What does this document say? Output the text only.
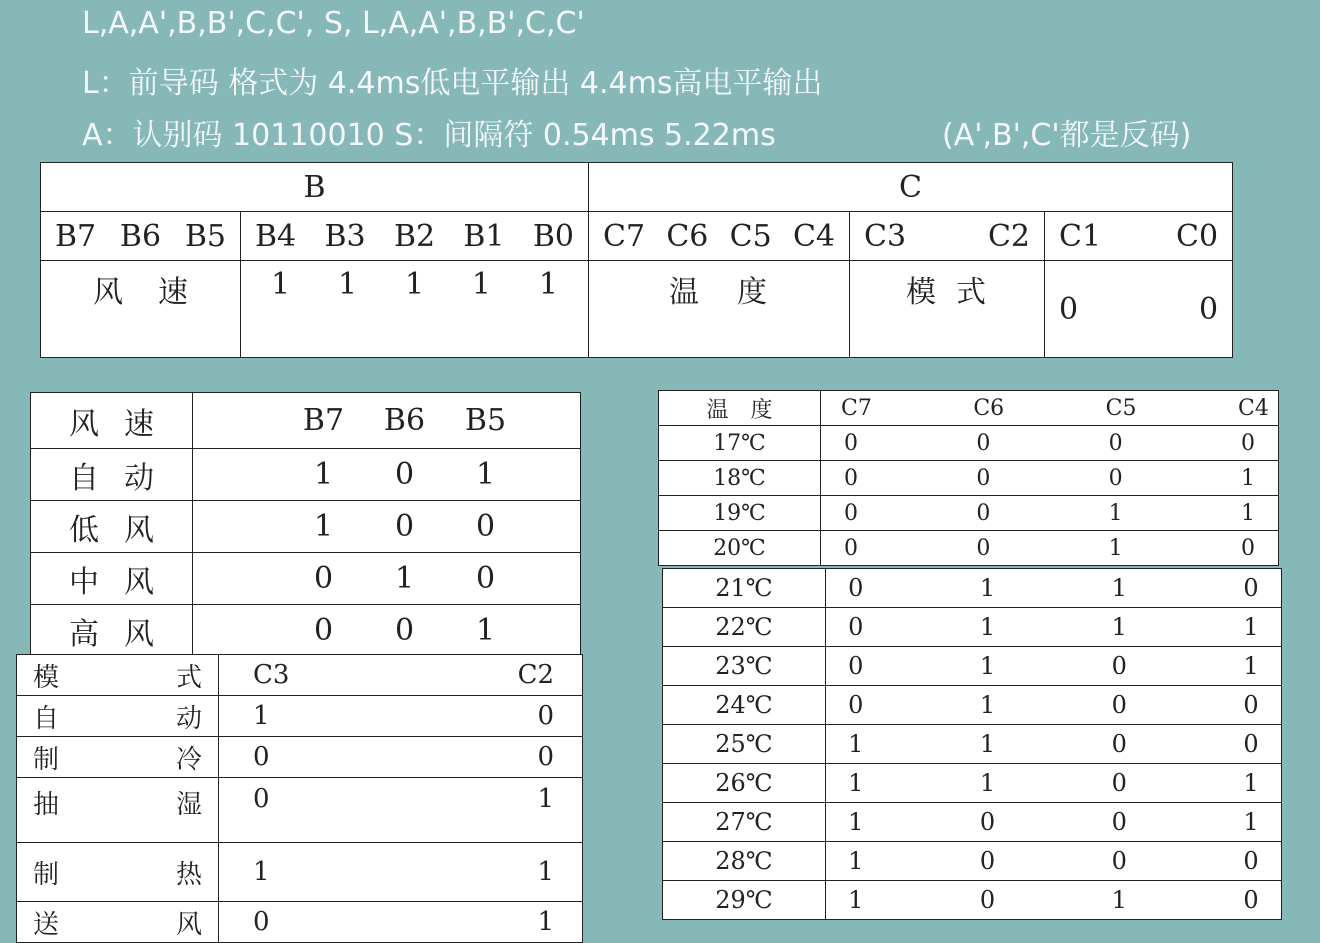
L,A,A',B,B',C,C', S, L,A,A',B,B',C,C'
L：前导码 格式为 4.4ms低电平输出 4.4ms高电平输出
A：认别码 10110010 S：间隔符 0.54ms 5.22ms	(A',B',C'都是反码)
B		C		

B7 B6 B5	B4 B3 B2 B1 B0	C7 C6 C5 C4	C3 C2	C1 C0

风 速	1 1 1 1 1	温 度	模 式	0 0
风 速	B7 B6 B5

自 动	1 0 1

低 风	1 0 0

中 风	0 1 0

高 风	0 0 1
模 式	C3 C2

自 动	1 0

制 冷	0 0

抽 湿	0 1

制 热	1 1

送 风	0 1
温　度	C7 C6 C5 C4

17℃	0 0 0 0

18℃	0 0 0 1

19℃	0 0 1 1

20℃	0 0 1 0
21℃	0 1 1 0

22℃	0 1 1 1

23℃	0 1 0 1

24℃	0 1 0 0

25℃	1 1 0 0

26℃	1 1 0 1

27℃	1 0 0 1

28℃	1 0 0 0

29℃	1 0 1 0
